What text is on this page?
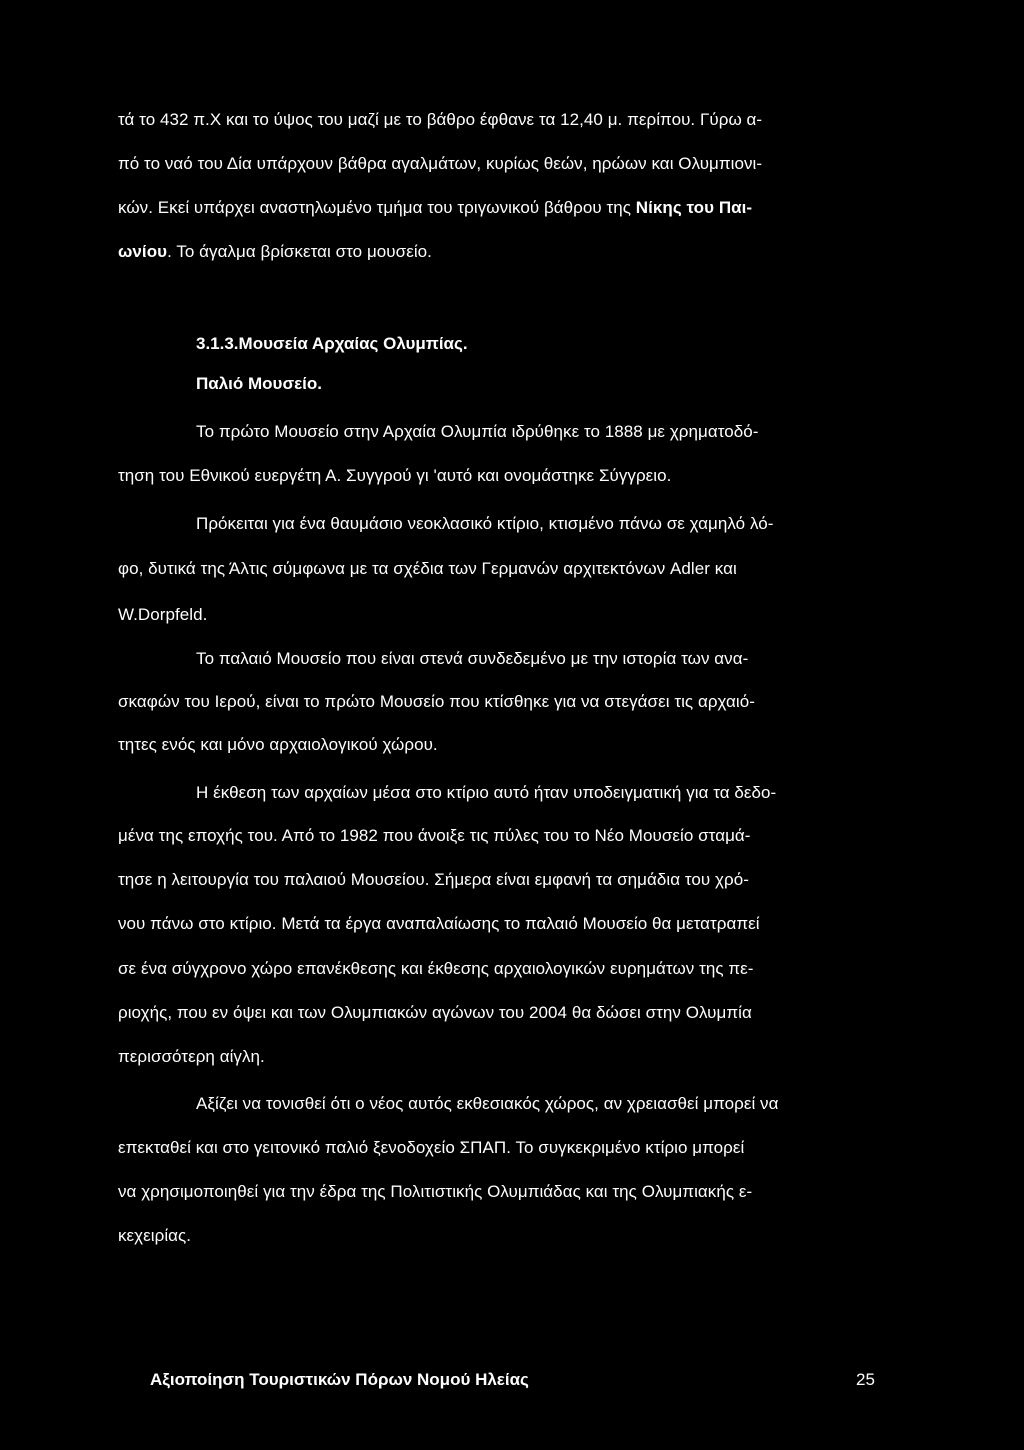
τά το 432 π.Χ και το ύψος του μαζί με το βάθρο έφθανε τα 12,40 μ. περίπου. Γύρω α-
πό το ναό του Δία υπάρχουν βάθρα αγαλμάτων, κυρίως θεών, ηρώων και Ολυμπιονι-
κών. Εκεί υπάρχει αναστηλωμένο τμήμα του τριγωνικού βάθρου της Νίκης του Παι-
ωνίου. Το άγαλμα βρίσκεται στο μουσείο.
3.1.3.Μουσεία Αρχαίας Ολυμπίας.
Παλιό Μουσείο.
Το πρώτο Μουσείο στην Αρχαία Ολυμπία ιδρύθηκε το 1888 με χρηματοδό-
τηση του Εθνικού ευεργέτη Α. Συγγρού γι 'αυτό και ονομάστηκε Σύγγρειο.
Πρόκειται για ένα θαυμάσιο νεοκλασικό κτίριο, κτισμένο πάνω σε χαμηλό λό-
φο, δυτικά της Άλτις σύμφωνα με τα σχέδια των Γερμανών αρχιτεκτόνων Adler και
W.Dorpfeld.
Το παλαιό Μουσείο που είναι στενά συνδεδεμένο με την ιστορία των ανα-
σκαφών του Ιερού, είναι το πρώτο Μουσείο που κτίσθηκε για να στεγάσει τις αρχαιό-
τητες ενός και μόνο αρχαιολογικού χώρου.
Η έκθεση των αρχαίων μέσα στο κτίριο αυτό ήταν υποδειγματική για τα δεδο-
μένα της εποχής του. Από το 1982 που άνοιξε τις πύλες του το Νέο Μουσείο σταμά-
τησε η λειτουργία του παλαιού Μουσείου. Σήμερα είναι εμφανή τα σημάδια του χρό-
νου πάνω στο κτίριο. Μετά τα έργα αναπαλαίωσης το παλαιό Μουσείο θα μετατραπεί
σε ένα σύγχρονο χώρο επανέκθεσης και έκθεσης αρχαιολογικών ευρημάτων της πε-
ριοχής, που εν όψει και των Ολυμπιακών αγώνων του 2004 θα δώσει στην Ολυμπία
περισσότερη αίγλη.
Αξίζει να τονισθεί ότι ο νέος αυτός εκθεσιακός χώρος, αν χρειασθεί μπορεί να
επεκταθεί και στο γειτονικό παλιό ξενοδοχείο ΣΠΑΠ. Το συγκεκριμένο κτίριο μπορεί
να χρησιμοποιηθεί για την έδρα της Πολιτιστικής Ολυμπιάδας και της Ολυμπιακής ε-
κεχειρίας.
Αξιοποίηση Τουριστικών Πόρων Νομού Ηλείας	25
